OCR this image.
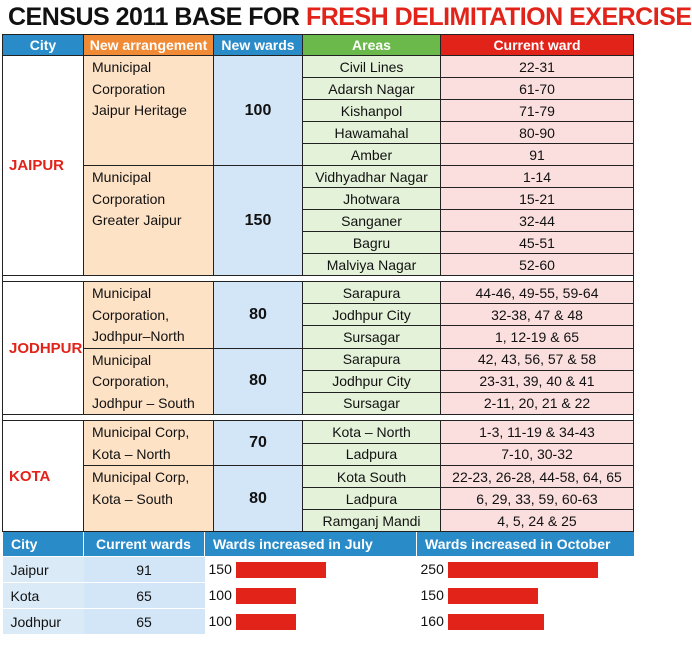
CENSUS 2011 BASE FOR FRESH DELIMITATION EXERCISE
City	New arrangement	New wards	Areas	Current ward
JAIPUR	Municipal
Corporation
Jaipur Heritage	100	Civil Lines	22-31
			Adarsh Nagar	61-70
			Kishanpol	71-79
			Hawamahal	80-90
			Amber	91

	Municipal
Corporation
Greater Jaipur	150	Vidhyadhar Nagar	1-14
			Jhotwara	15-21
			Sanganer	32-44
			Bagru	45-51
			Malviya Nagar	52-60

JODHPUR	Municipal
Corporation,
Jodhpur–North	80	Sarapura	44-46, 49-55, 59-64
			Jodhpur City	32-38, 47 & 48
			Sursagar	1, 12-19 & 65

	Municipal
Corporation,
Jodhpur – South	80	Sarapura	42, 43, 56, 57 & 58
			Jodhpur City	23-31, 39, 40 & 41
			Sursagar	2-11, 20, 21 & 22

KOTA	Municipal Corp,
Kota – North	70	Kota – North	1-3, 11-19 & 34-43
			Ladpura	7-10, 30-32

	Municipal Corp,
Kota – South	80	Kota South	22-23, 26-28, 44-58, 64, 65
			Ladpura	6, 29, 33, 59, 60-63
			Ramganj Mandi	4, 5, 24 & 25
City	Current wards	Wards increased in July	Wards increased in October
Jaipur	91	150	250
Kota	65	100	150
Jodhpur	65	100	160
